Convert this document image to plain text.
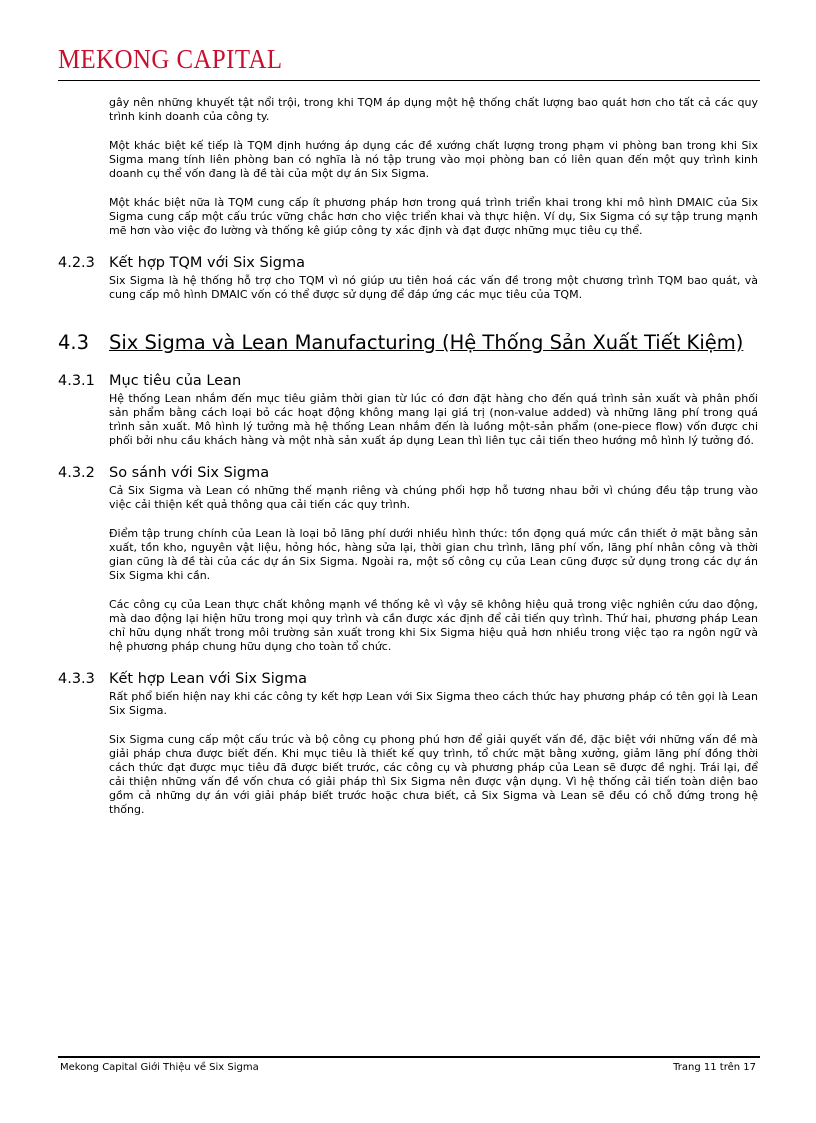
MEKONG CAPITAL

gây nên những khuyết tật nổi trội, trong khi TQM áp dụng một hệ thống chất lượng bao quát hơn cho tất cả các quy trình kinh doanh của công ty.

Một khác biệt kế tiếp là TQM định hướng áp dụng các đề xướng chất lượng trong phạm vi phòng ban trong khi Six Sigma mang tính liên phòng ban có nghĩa là nó tập trung vào mọi phòng ban có liên quan đến một quy trình kinh doanh cụ thể vốn đang là đề tài của một dự án Six Sigma.

Một khác biệt nữa là TQM cung cấp ít phương pháp hơn trong quá trình triển khai trong khi mô hình DMAIC của Six Sigma cung cấp một cấu trúc vững chắc hơn cho việc triển khai và thực hiện. Ví dụ, Six Sigma có sự tập trung mạnh mẽ hơn vào việc đo lường và thống kê giúp công ty xác định và đạt được những mục tiêu cụ thể.

4.2.3 Kết hợp TQM với Six Sigma

Six Sigma là hệ thống hỗ trợ cho TQM vì nó giúp ưu tiên hoá các vấn đề trong một chương trình TQM bao quát, và cung cấp mô hình DMAIC vốn có thể được sử dụng để đáp ứng các mục tiêu của TQM.

4.3	Six Sigma và Lean Manufacturing (Hệ Thống Sản Xuất Tiết Kiệm)
4.3.1 Mục tiêu của Lean

Hệ thống Lean nhắm đến mục tiêu giảm thời gian từ lúc có đơn đặt hàng cho đến quá trình sản xuất và phân phối sản phẩm bằng cách loại bỏ các hoạt động không mang lại giá trị (non-value added) và những lãng phí trong quá trình sản xuất. Mô hình lý tưởng mà hệ thống Lean nhắm đến là luồng một-sản phẩm (one-piece flow) vốn được chi phối bởi nhu cầu khách hàng và một nhà sản xuất áp dụng Lean thì liên tục cải tiến theo hướng mô hình lý tưởng đó.

4.3.2 So sánh với Six Sigma

Cả Six Sigma và Lean có những thế mạnh riêng và chúng phối hợp hỗ tương nhau bởi vì chúng đều tập trung vào việc cải thiện kết quả thông qua cải tiến các quy trình.

Điểm tập trung chính của Lean là loại bỏ lãng phí dưới nhiều hình thức: tồn đọng quá mức cần thiết ở mặt bằng sản xuất, tồn kho, nguyên vật liệu, hỏng hóc, hàng sửa lại, thời gian chu trình, lãng phí vốn, lãng phí nhân công và thời gian cũng là đề tài của các dự án Six Sigma. Ngoài ra, một số công cụ của Lean cũng được sử dụng trong các dự án Six Sigma khi cần.

Các công cụ của Lean thực chất không mạnh về thống kê vì vậy sẽ không hiệu quả trong việc nghiên cứu dao động, mà dao động lại hiện hữu trong mọi quy trình và cần được xác định để cải tiến quy trình. Thứ hai, phương pháp Lean chỉ hữu dụng nhất trong môi trường sản xuất trong khi Six Sigma hiệu quả hơn nhiều trong việc tạo ra ngôn ngữ và hệ phương pháp chung hữu dụng cho toàn tổ chức.

4.3.3 Kết hợp Lean với Six Sigma

Rất phổ biến hiện nay khi các công ty kết hợp Lean với Six Sigma theo cách thức hay phương pháp có tên gọi là Lean Six Sigma.

Six Sigma cung cấp một cấu trúc và bộ công cụ phong phú hơn để giải quyết vấn đề, đặc biệt với những vấn đề mà giải pháp chưa được biết đến. Khi mục tiêu là thiết kế quy trình, tổ chức mặt bằng xưởng, giảm lãng phí đồng thời cách thức đạt được mục tiêu đã được biết trước, các công cụ và phương pháp của Lean sẽ được đề nghị. Trái lại, để cải thiện những vấn đề vốn chưa có giải pháp thì Six Sigma nên được vận dụng. Vì hệ thống cải tiến toàn diện bao gồm cả những dự án với giải pháp biết trước hoặc chưa biết, cả Six Sigma và Lean sẽ đều có chỗ đứng trong hệ thống.

Mekong Capital Giới Thiệu về Six Sigma	Trang 11 trên 17
